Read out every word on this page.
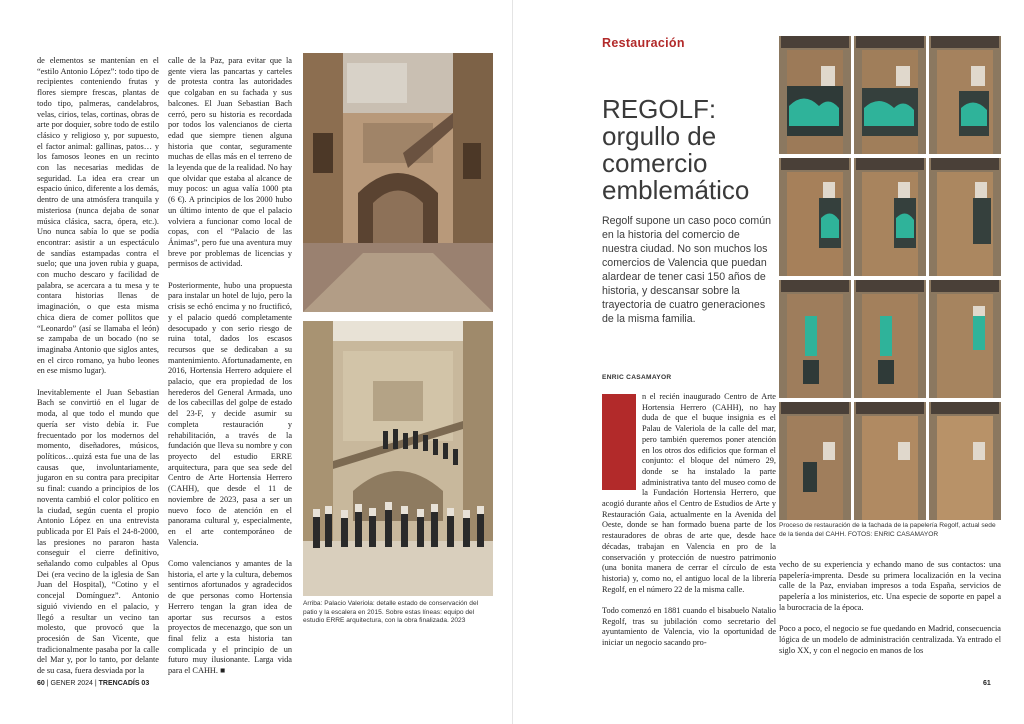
de elementos se mantenían en el “estilo Antonio López”: todo tipo de recipientes conteniendo frutas y flores siempre frescas, plantas de todo tipo, palmeras, candelabros, velas, cirios, telas, cortinas, obras de arte por doquier, sobre todo de estilo clásico y religioso y, por supuesto, el factor animal: gallinas, patos… y los famosos leones en un recinto con las necesarias medidas de seguridad. La idea era crear un espacio único, diferente a los demás, dentro de una atmósfera tranquila y misteriosa (nunca dejaba de sonar música clásica, sacra, ópera, etc.). Uno nunca sabía lo que se podía encontrar: asistir a un espectáculo de sandías estampadas contra el suelo; que una joven rubia y guapa, con mucho descaro y facilidad de palabra, se acercara a tu mesa y te contara historias llenas de imaginación, o que esta misma chica diera de comer pollitos que “Leonardo” (así se llamaba el león) se zampaba de un bocado (no se imaginaba Antonio que siglos antes, en el circo romano, ya hubo leones en ese mismo lugar).

Inevitablemente el Juan Sebastian Bach se convirtió en el lugar de moda, al que todo el mundo que quería ser visto debía ir. Fue frecuentado por los modernos del momento, diseñadores, músicos, políticos…quizá esta fue una de las causas que, involuntariamente, jugaron en su contra para precipitar su final: cuando a principios de los noventa cambió el color político en la ciudad, según cuenta el propio Antonio López en una entrevista publicada por El País el 24-8-2000, las presiones no pararon hasta conseguir el cierre definitivo, señalando como culpables al Opus Dei (era vecino de la iglesia de San Juan del Hospital), “Cotino y el concejal Domínguez”. Antonio siguió viviendo en el palacio, y llegó a resultar un vecino tan molesto, que provocó que la procesión de San Vicente, que tradicionalmente pasaba por la calle del Mar y, por lo tanto, por delante de su casa, fuera desviada por la

calle de la Paz, para evitar que la gente viera las pancartas y carteles de protesta contra las autoridades que colgaban en su fachada y sus balcones. El Juan Sebastian Bach cerró, pero su historia es recordada por todos los valencianos de cierta edad que siempre tienen alguna historia que contar, seguramente muchas de ellas más en el terreno de la leyenda que de la realidad. No hay que olvidar que estaba al alcance de muy pocos: un agua valía 1000 pta (6 €). A principios de los 2000 hubo un último intento de que el palacio volviera a funcionar como local de copas, con el “Palacio de las Ánimas”, pero fue una aventura muy breve por problemas de licencias y permisos de actividad.

Posteriormente, hubo una propuesta para instalar un hotel de lujo, pero la crisis se echó encima y no fructificó, y el palacio quedó completamente desocupado y con serio riesgo de ruina total, dados los escasos recursos que se dedicaban a su mantenimiento. Afortunadamente, en 2016, Hortensia Herrero adquiere el palacio, que era propiedad de los herederos del General Armada, uno de los cabecillas del golpe de estado del 23-F, y decide asumir su completa restauración y rehabilitación, a través de la fundación que lleva su nombre y con proyecto del estudio ERRE arquitectura, para que sea sede del Centro de Arte Hortensia Herrero (CAHH), que desde el 11 de noviembre de 2023, pasa a ser un nuevo foco de atención en el panorama cultural y, especialmente, en el arte contemporáneo de Valencia.

Como valencianos y amantes de la historia, el arte y la cultura, debemos sentirnos afortunados y agradecidos de que personas como Hortensia Herrero tengan la gran idea de aportar sus recursos a estos proyectos de mecenazgo, que son un final feliz a esta historia tan complicada y el principio de un futuro muy ilusionante. Larga vida para el CAHH. ■

Arriba: Palacio Valeriola: detalle estado de conservación del patio y la escalera en 2015. Sobre estas líneas: equipo del estudio ERRE arquitectura, con la obra finalizada. 2023
60 | GENER 2024 | TRENCADÍS 03
Restauración
REGOLF: orgullo de comercio emblemático
Regolf supone un caso poco común en la historia del comercio de nuestra ciudad. No son muchos los comercios de Valencia que puedan alardear de tener casi 150 años de historia, y descansar sobre la trayectoria de cuatro generaciones de la misma familia.
ENRIC CASAMAYOR

n el recién inaugurado Centro de Arte Hortensia Herrero (CAHH), no hay duda de que el buque insignia es el Palau de Valeriola de la calle del mar, pero también queremos poner atención en los otros dos edificios que forman el conjunto: el bloque del número 29, donde se ha instalado la parte administrativa tanto del museo como de la Fundación Hortensia Herrero, que acogió durante años el Centro de Estudios de Arte y Restauración Gaia, actualmente en la Avenida del Oeste, donde se han formado buena parte de los restauradores de obras de arte que, desde hace décadas, trabajan en Valencia en pro de la conservación y protección de nuestro patrimonio (una bonita manera de cerrar el círculo de esta historia) y, como no, el antiguo local de la librería Regolf, en el número 22 de la misma calle.

Todo comenzó en 1881 cuando el bisabuelo Natalio Regolf, tras su jubilación como secretario del ayuntamiento de Valencia, vio la oportunidad de iniciar un negocio sacando pro-

vecho de su experiencia y echando mano de sus contactos: una papelería-imprenta. Desde su primera localización en la vecina calle de la Paz, enviaban impresos a toda España, servicios de papelería a los ministerios, etc. Una especie de soporte en papel a la burocracia de la época.

Poco a poco, el negocio se fue quedando en Madrid, consecuencia lógica de un modelo de administración centralizada. Ya entrado el siglo XX, y con el negocio en manos de los

Proceso de restauración de la fachada de la papelería Regolf, actual sede de la tienda del CAHH. FOTOS: ENRIC CASAMAYOR
61
